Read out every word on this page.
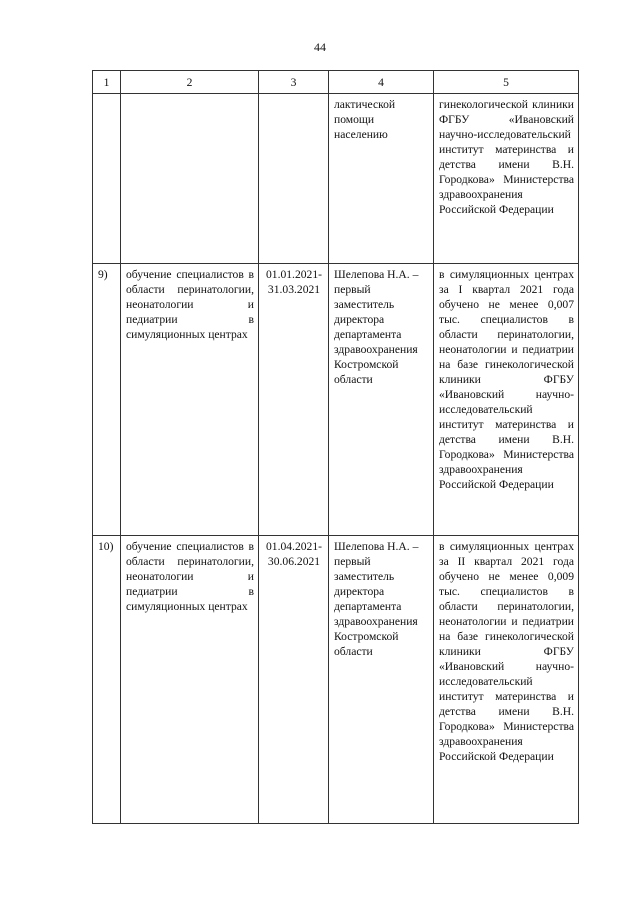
44
1	2	3	4	5
			лактической помощи населению	гинекологической клиники ФГБУ «Ивановский научно-исследовательский институт материнства и детства имени В.Н. Городкова» Министерства здравоохранения Российской Федерации
9)	обучение специалистов в области перинатологии, неонатологии и педиатрии в симуляционных центрах	01.01.2021-31.03.2021	Шелепова Н.А. – первый заместитель директора департамента здравоохранения Костромской области	в симуляционных центрах за I квартал 2021 года обучено не менее 0,007 тыс. специалистов в области перинатологии, неонатологии и педиатрии на базе гинекологической клиники ФГБУ «Ивановский научно-исследовательский институт материнства и детства имени В.Н. Городкова» Министерства здравоохранения Российской Федерации
10)	обучение специалистов в области перинатологии, неонатологии и педиатрии в симуляционных центрах	01.04.2021-30.06.2021	Шелепова Н.А. – первый заместитель директора департамента здравоохранения Костромской области	в симуляционных центрах за II квартал 2021 года обучено не менее 0,009 тыс. специалистов в области перинатологии, неонатологии и педиатрии на базе гинекологической клиники ФГБУ «Ивановский научно-исследовательский институт материнства и детства имени В.Н. Городкова» Министерства здравоохранения Российской Федерации
